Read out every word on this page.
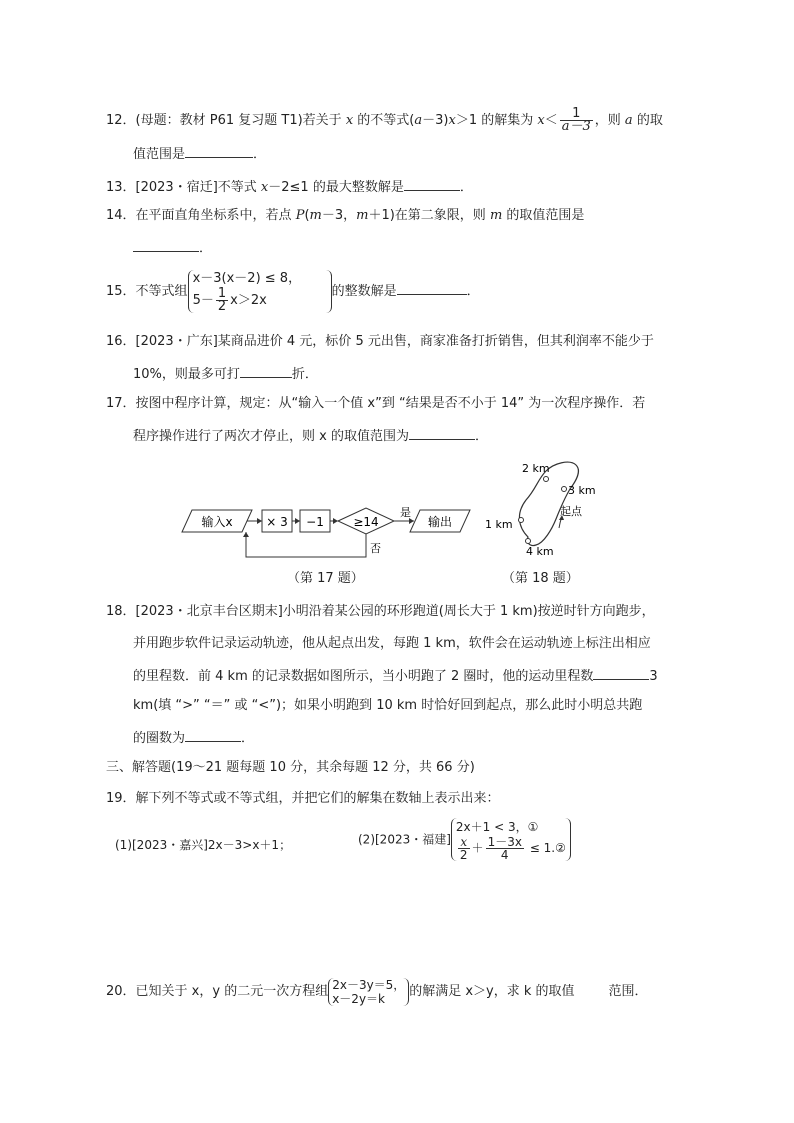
12．(母题：教材 P61 复习题 T1)若关于 x 的不等式(a－3)x＞1 的解集为 $x< \frac{1}{a-3}$ ，则 a 的取
值范围是	．
13．[2023・宿迁]不等式 x－2≤1 的最大整数解是	．
14．在平面直角坐标系中，若点 P(m－3，m＋1)在第二象限，则 m 的取值范围是
．
15．不等式组
x－3(x－2) ≤ 8，
$5- \frac{1}{2} x>2x$
的整数解是	．
16．[2023・广东]某商品进价 4 元，标价 5 元出售，商家准备打折销售，但其利润率不能少于
10%，则最多可打	折．
17．按图中程序计算，规定：从“输入一个值 x”到 “结果是否不小于 14” 为一次程序操作．若
程序操作进行了两次才停止，则 x 的取值范围为	．
输入x	× 3 −1 ≥14
是
输出
否
（第 17 题）
2 km
3 km
起点
1 km
4 km
（第 18 题）
18．[2023・北京丰台区期末]小明沿着某公园的环形跑道(周长大于 1 km)按逆时针方向跑步，
并用跑步软件记录运动轨迹，他从起点出发，每跑 1 km，软件会在运动轨迹上标注出相应
的里程数．前 4 km 的记录数据如图所示，当小明跑了 2 圈时，他的运动里程数	3
km(填 “>” “＝” 或 “<”)；如果小明跑到 10 km 时恰好回到起点，那么此时小明总共跑
的圈数为	．
三、解答题(19～21 题每题 10 分，其余每题 12 分，共 66 分)
19．解下列不等式或不等式组，并把它们的解集在数轴上表示出来：
(1)[2023・嘉兴]2x－3>x＋1；	(2)[2023・福建]
2x＋1 < 3，①
$\frac{x}{2} + \frac{1-3x}{4}$ ≤ 1.②
20．已知关于 x，y 的二元一次方程组 2x－3y＝5，
x－2y＝k	的解满足 x＞y，求 k 的取值	范围．
